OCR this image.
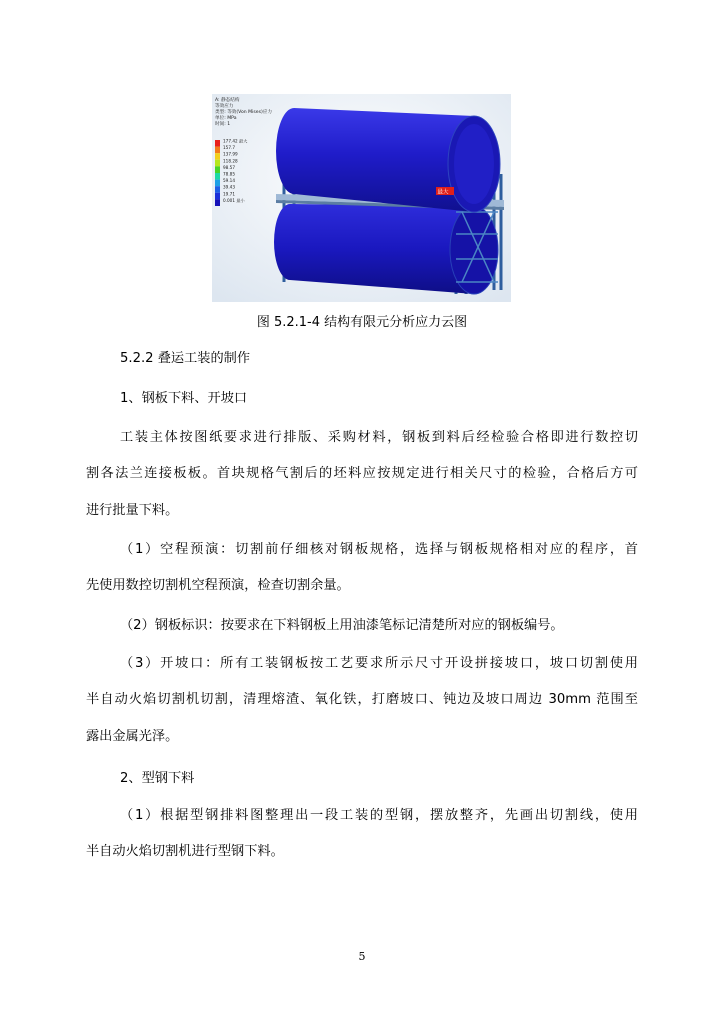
最大
A: 静态结构
等效应力
类型: 等效(Von Mises)应力
单位: MPa
时间: 1
177.42 最大
157.7
137.99
118.28
98.57
78.85
59.14
39.43
19.71
0.001 最小
图 5.2.1-4 结构有限元分析应力云图
5.2.2 叠运工装的制作
1、钢板下料、开坡口
工装主体按图纸要求进行排版、采购材料，钢板到料后经检验合格即进行数控切
割各法兰连接板板。首块规格气割后的坯料应按规定进行相关尺寸的检验，合格后方可
进行批量下料。
（1）空程预演：切割前仔细核对钢板规格，选择与钢板规格相对应的程序，首
先使用数控切割机空程预演，检查切割余量。
（2）钢板标识：按要求在下料钢板上用油漆笔标记清楚所对应的钢板编号。
（3）开坡口：所有工装钢板按工艺要求所示尺寸开设拼接坡口，坡口切割使用
半自动火焰切割机切割，清理熔渣、氧化铁，打磨坡口、钝边及坡口周边 30mm 范围至
露出金属光泽。
2、型钢下料
（1）根据型钢排料图整理出一段工装的型钢，摆放整齐，先画出切割线，使用
半自动火焰切割机进行型钢下料。
5
